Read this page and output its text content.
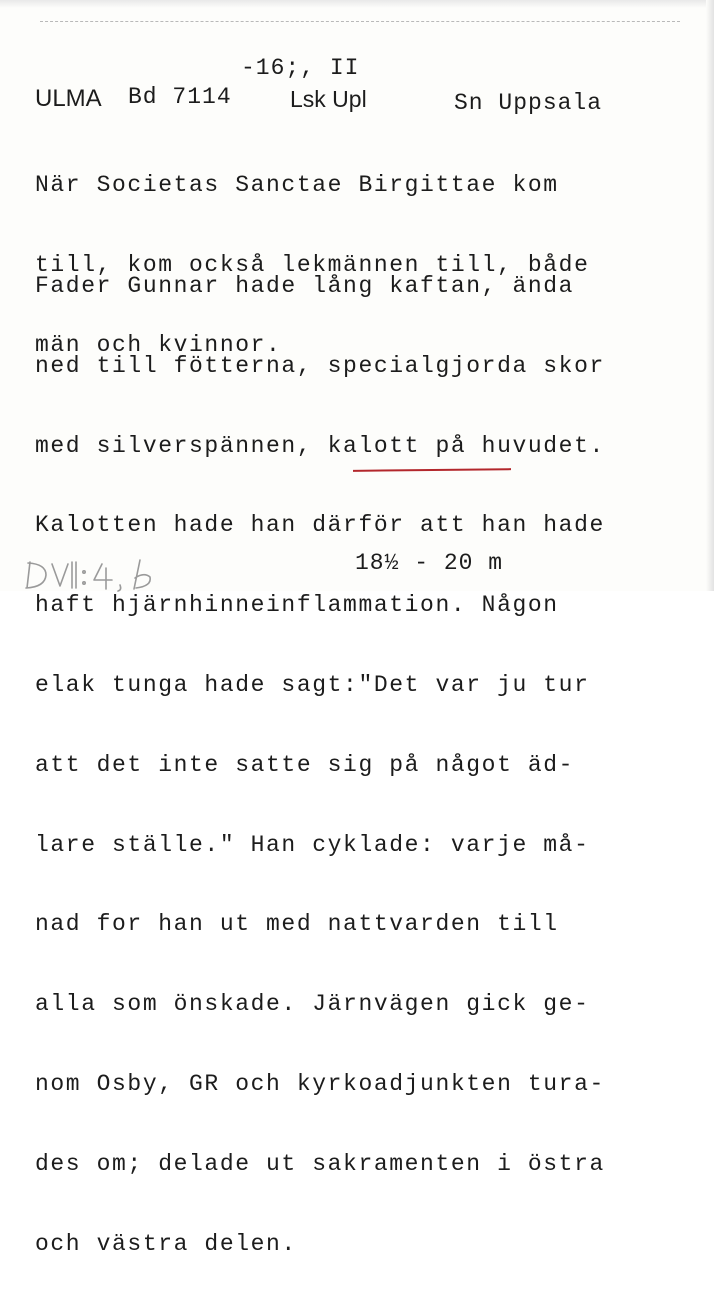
-16;, II

ULMA Bd 7114	Lsk Upl	Sn Uppsala

När Societas Sanctae Birgittae kom

till, kom också lekmännen till, både

män och kvinnor.

Fader Gunnar hade lång kaftan, ända

ned till fötterna, specialgjorda skor

med silverspännen, kalott på huvudet.

Kalotten hade han därför att han hade

haft hjärnhinneinflammation. Någon

elak tunga hade sagt:"Det var ju tur

att det inte satte sig på något äd-

lare ställe." Han cyklade: varje må-

nad for han ut med nattvarden till

alla som önskade. Järnvägen gick ge-

nom Osby, GR och kyrkoadjunkten tura-

des om; delade ut sakramenten i östra

och västra delen.

18½ - 20 m
